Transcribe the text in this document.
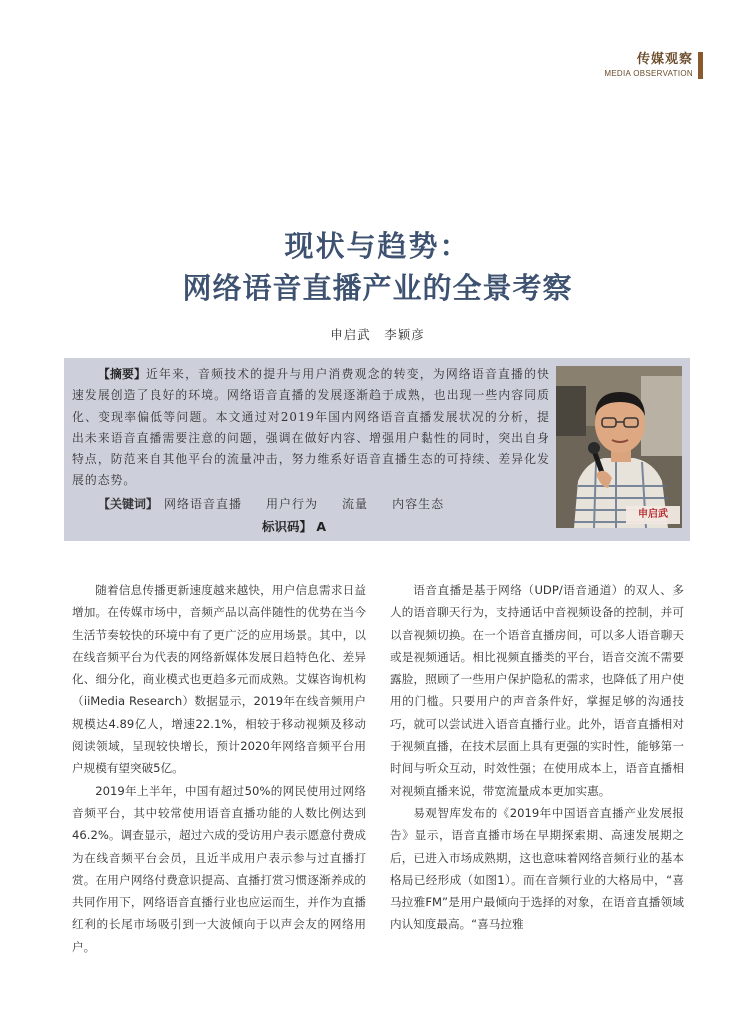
传媒观察
MEDIA OBSERVATION
现状与趋势：
网络语音直播产业的全景考察
申启武　李颖彦
【摘要】近年来，音频技术的提升与用户消费观念的转变，为网络语音直播的快速发展创造了良好的环境。网络语音直播的发展逐渐趋于成熟，也出现一些内容同质化、变现率偏低等问题。本文通过对2019年国内网络语音直播发展状况的分析，提出未来语音直播需要注意的问题，强调在做好内容、增强用户黏性的同时，突出自身特点，防范来自其他平台的流量冲击，努力维系好语音直播生态的可持续、差异化发展的态势。
【关键词】 网络语音直播 用户行为 流量 内容生态
标识码】 A
申启武

随着信息传播更新速度越来越快，用户信息需求日益增加。在传媒市场中，音频产品以高伴随性的优势在当今生活节奏较快的环境中有了更广泛的应用场景。其中，以在线音频平台为代表的网络新媒体发展日趋特色化、差异化、细分化，商业模式也更趋多元而成熟。艾媒咨询机构（iiMedia Research）数据显示，2019年在线音频用户规模达4.89亿人，增速22.1%，相较于移动视频及移动阅读领域，呈现较快增长，预计2020年网络音频平台用户规模有望突破5亿。

2019年上半年，中国有超过50%的网民使用过网络音频平台，其中较常使用语音直播功能的人数比例达到46.2%。调查显示，超过六成的受访用户表示愿意付费成为在线音频平台会员，且近半成用户表示参与过直播打赏。在用户网络付费意识提高、直播打赏习惯逐渐养成的共同作用下，网络语音直播行业也应运而生，并作为直播红利的长尾市场吸引到一大波倾向于以声会友的网络用户。

语音直播是基于网络（UDP/语音通道）的双人、多人的语音聊天行为，支持通话中音视频设备的控制，并可以音视频切换。在一个语音直播房间，可以多人语音聊天或是视频通话。相比视频直播类的平台，语音交流不需要露脸，照顾了一些用户保护隐私的需求，也降低了用户使用的门槛。只要用户的声音条件好，掌握足够的沟通技巧，就可以尝试进入语音直播行业。此外，语音直播相对于视频直播，在技术层面上具有更强的实时性，能够第一时间与听众互动，时效性强；在使用成本上，语音直播相对视频直播来说，带宽流量成本更加实惠。

易观智库发布的《2019年中国语音直播产业发展报告》显示，语音直播市场在早期探索期、高速发展期之后，已进入市场成熟期，这也意味着网络音频行业的基本格局已经形成（如图1）。而在音频行业的大格局中，“喜马拉雅FM”是用户最倾向于选择的对象，在语音直播领域内认知度最高。“喜马拉雅
